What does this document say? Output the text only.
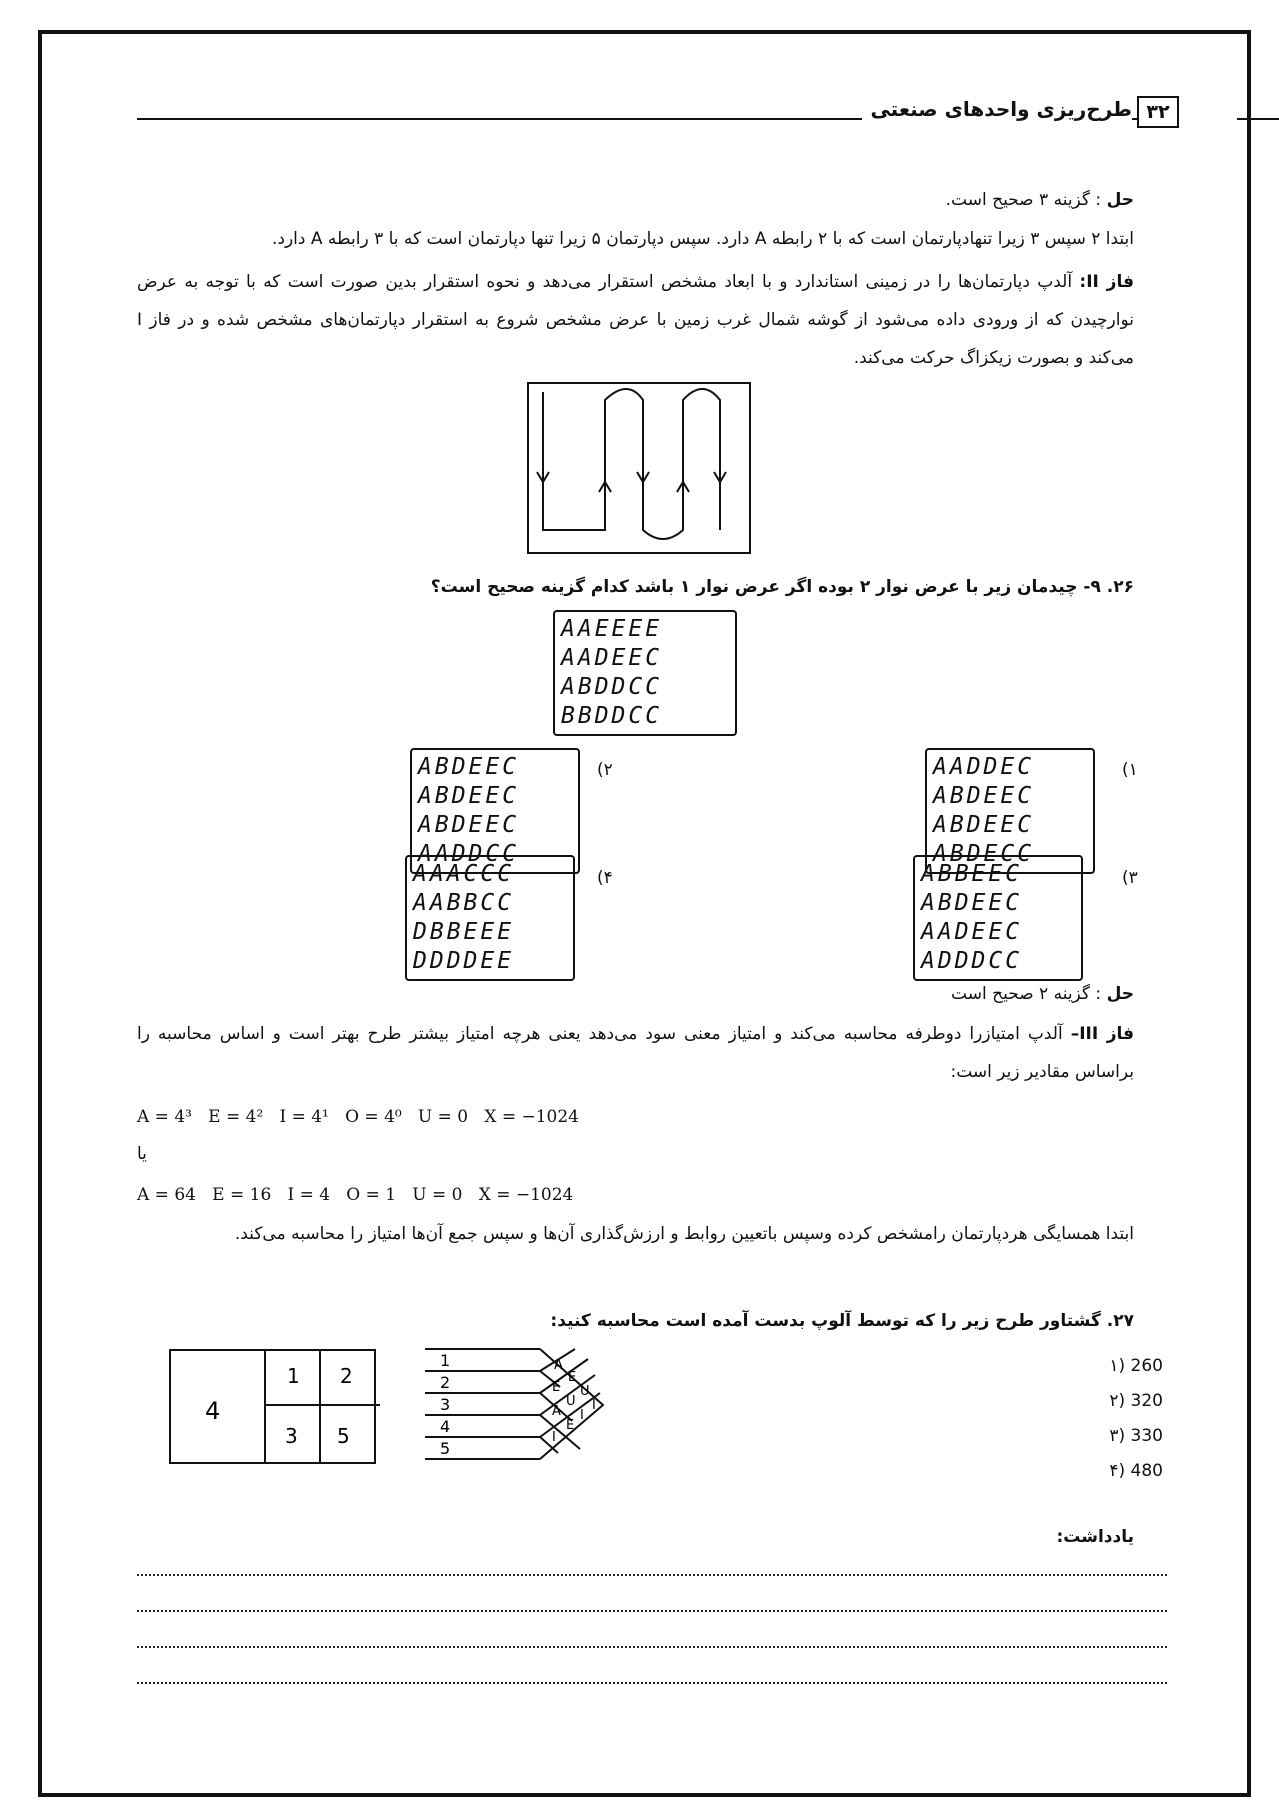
طرح‌ریزی واحدهای صنعتی ۳۲
حل : گزینه ۳ صحیح است.
ابتدا ۲ سپس ۳ زیرا تنهادپارتمان است که با ۲ رابطه A دارد. سپس دپارتمان ۵ زیرا تنها دپارتمان است که با ۳ رابطه A دارد.
فاز II: آلدپ دپارتمان‌ها را در زمینی استاندارد و با ابعاد مشخص استقرار می‌دهد و نحوه استقرار بدین صورت است که با توجه به عرض نوارچیدن که از ورودی داده می‌شود از گوشه شمال غرب زمین با عرض مشخص شروع به استقرار دپارتمان‌های مشخص شده و در فاز I می‌کند و بصورت زیکزاگ حرکت می‌کند.
۲۶. ۹- چیدمان زیر با عرض نوار ۲ بوده اگر عرض نوار ۱ باشد کدام گزینه صحیح است؟
AAEEEE
AADEEC
ABDDCC
BBDDCC
AADDEC
ABDEEC
ABDEEC
ABDECC
۱)
ABDEEC
ABDEEC
ABDEEC
AADDCC
۲)
ABBEEC
ABDEEC
AADEEC
ADDDCC
۳)
AAACCC
AABBCC
DBBEEE
DDDDEE
۴)
حل : گزینه ۲ صحیح است
فاز III– آلدپ امتیازرا دوطرفه محاسبه می‌کند و امتیاز معنی سود می‌دهد یعنی هرچه امتیاز بیشتر طرح بهتر است و اساس محاسبه را براساس مقادیر زیر است:
A = 4³   E = 4²   I = 4¹   O = 4⁰   U = 0   X = −1024
یا
A = 64   E = 16   I = 4   O = 1   U = 0   X = −1024
ابتدا همسایگی هردپارتمان رامشخص کرده وسپس باتعیین روابط و ارزش‌گذاری آن‌ها و سپس جمع آن‌ها امتیاز را محاسبه می‌کند.
۲۷. گشتاور طرح زیر را که توسط آلوپ بدست آمده است محاسبه کنید:
4
1 2
3 5
1
2
3
4
5
A
E
U
I
E
U
I
A
E
I
260 (۱
320 (۲
330 (۳
480 (۴
یادداشت:
